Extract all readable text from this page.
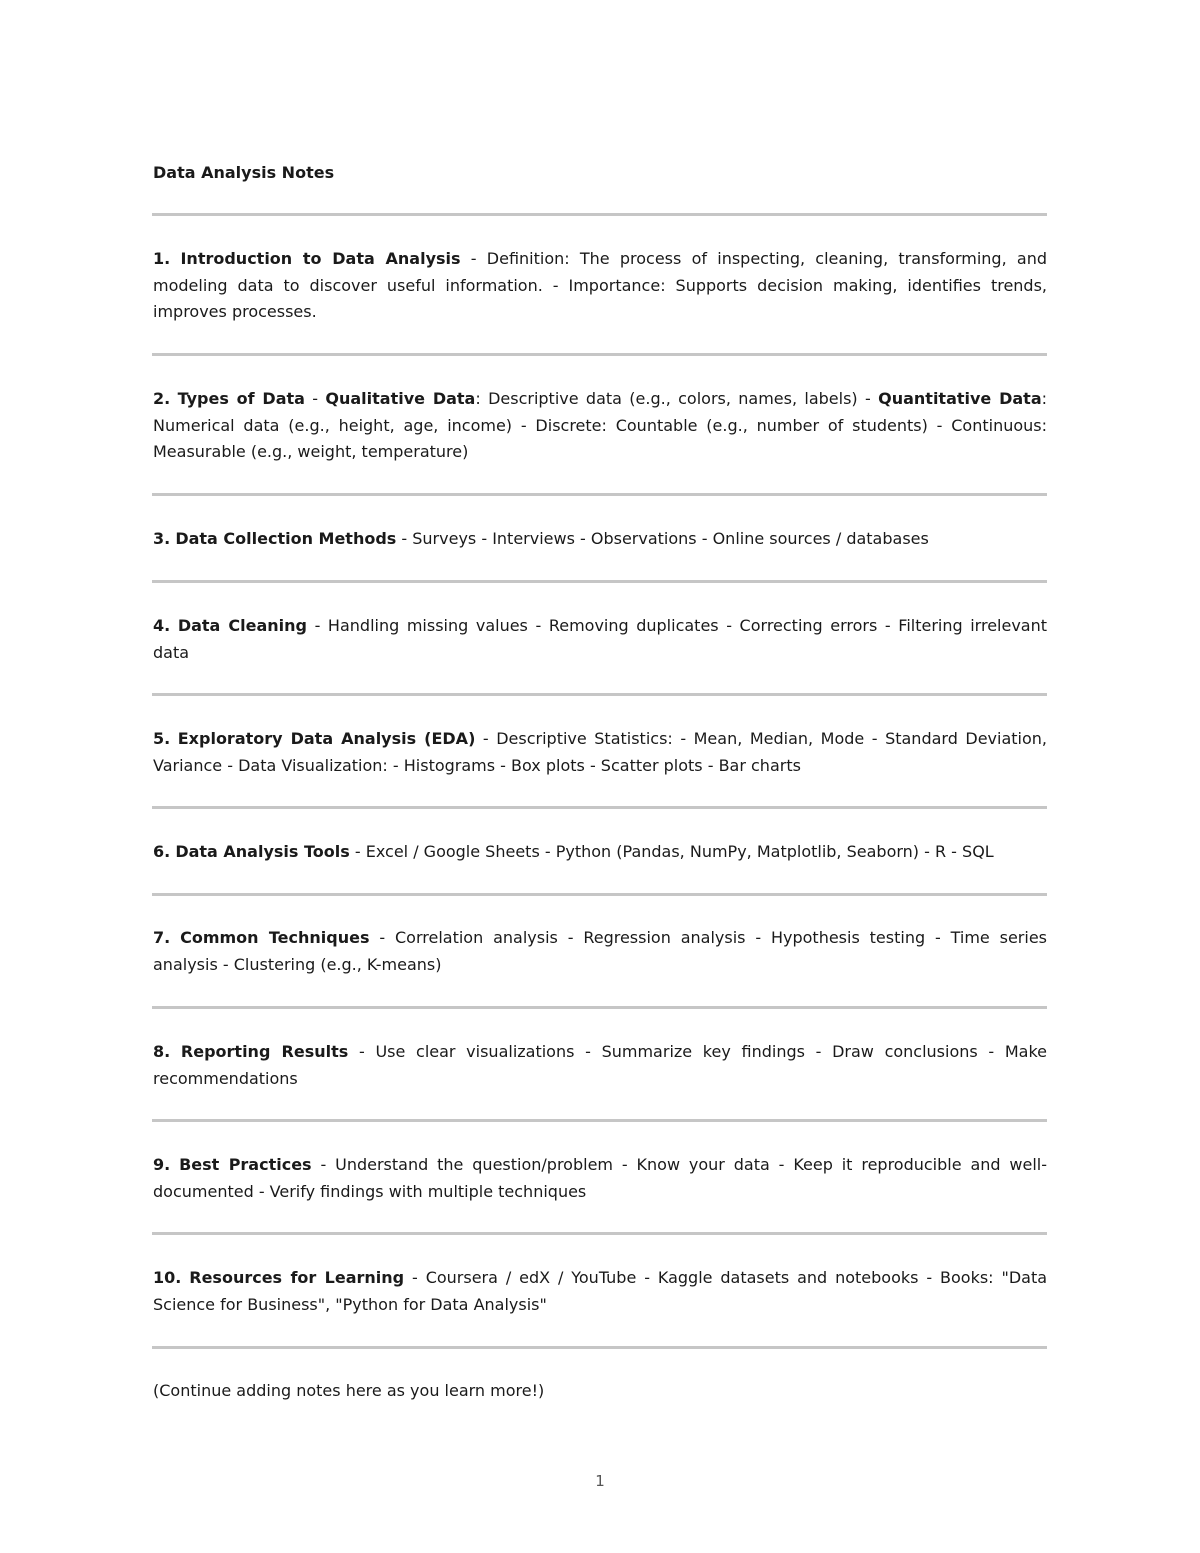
Data Analysis Notes
1. Introduction to Data Analysis - Definition: The process of inspecting, cleaning, transforming, and modeling data to discover useful information. - Importance: Supports decision making, identifies trends, improves processes.
2. Types of Data - Qualitative Data: Descriptive data (e.g., colors, names, labels) - Quantitative Data: Numerical data (e.g., height, age, income) - Discrete: Countable (e.g., number of students) - Continuous: Measurable (e.g., weight, temperature)
3. Data Collection Methods - Surveys - Interviews - Observations - Online sources / databases
4. Data Cleaning - Handling missing values - Removing duplicates - Correcting errors - Filtering irrelevant data
5. Exploratory Data Analysis (EDA) - Descriptive Statistics: - Mean, Median, Mode - Standard Deviation, Variance - Data Visualization: - Histograms - Box plots - Scatter plots - Bar charts
6. Data Analysis Tools - Excel / Google Sheets - Python (Pandas, NumPy, Matplotlib, Seaborn) - R - SQL
7. Common Techniques - Correlation analysis - Regression analysis - Hypothesis testing - Time series analysis - Clustering (e.g., K-means)
8. Reporting Results - Use clear visualizations - Summarize key findings - Draw conclusions - Make recommendations
9. Best Practices - Understand the question/problem - Know your data - Keep it reproducible and well-documented - Verify findings with multiple techniques
10. Resources for Learning - Coursera / edX / YouTube - Kaggle datasets and notebooks - Books: "Data Science for Business", "Python for Data Analysis"
(Continue adding notes here as you learn more!)
1
